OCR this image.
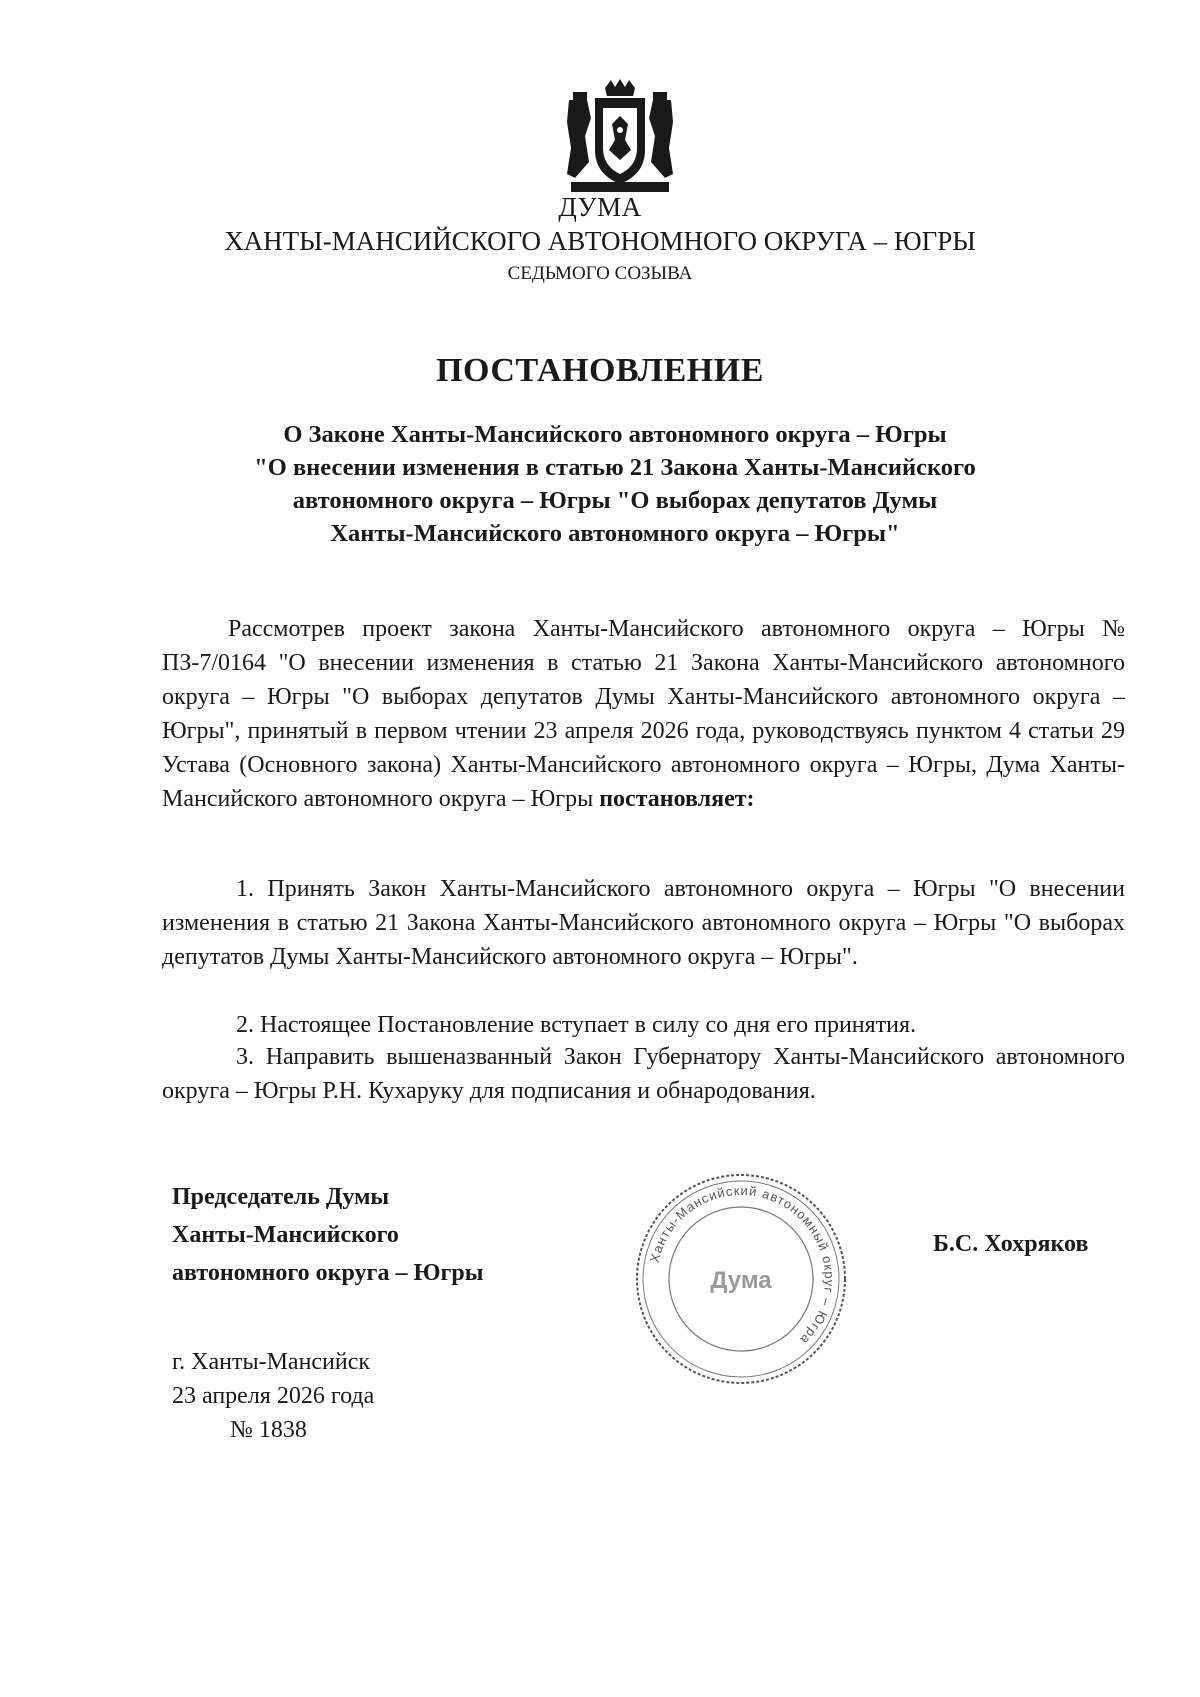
ДУМА
ХАНТЫ-МАНСИЙСКОГО АВТОНОМНОГО ОКРУГА – ЮГРЫ
СЕДЬМОГО СОЗЫВА
ПОСТАНОВЛЕНИЕ
О Законе Ханты-Мансийского автономного округа – Югры
"О внесении изменения в статью 21 Закона Ханты-Мансийского
автономного округа – Югры "О выборах депутатов Думы
Ханты-Мансийского автономного округа – Югры"
Рассмотрев проект закона Ханты-Мансийского автономного округа – Югры № ПЗ-7/0164 "О внесении изменения в статью 21 Закона Ханты-Мансийского автономного округа – Югры "О выборах депутатов Думы Ханты-Мансийского автономного округа – Югры", принятый в первом чтении 23 апреля 2026 года, руководствуясь пунктом 4 статьи 29 Устава (Основного закона) Ханты-Мансийского автономного округа – Югры, Дума Ханты-Мансийского автономного округа – Югры постановляет:
1. Принять Закон Ханты-Мансийского автономного округа – Югры "О внесении изменения в статью 21 Закона Ханты-Мансийского автономного округа – Югры "О выборах депутатов Думы Ханты-Мансийского автономного округа – Югры".
2. Настоящее Постановление вступает в силу со дня его принятия.
3. Направить вышеназванный Закон Губернатору Ханты-Мансийского автономного округа – Югры Р.Н. Кухаруку для подписания и обнародования.
Председатель Думы
Ханты-Мансийского
автономного округа – Югры
Ханты-Мансийский автономный округ – Югра
Дума
Б.С. Хохряков
г. Ханты-Мансийск
23 апреля 2026 года
№ 1838
